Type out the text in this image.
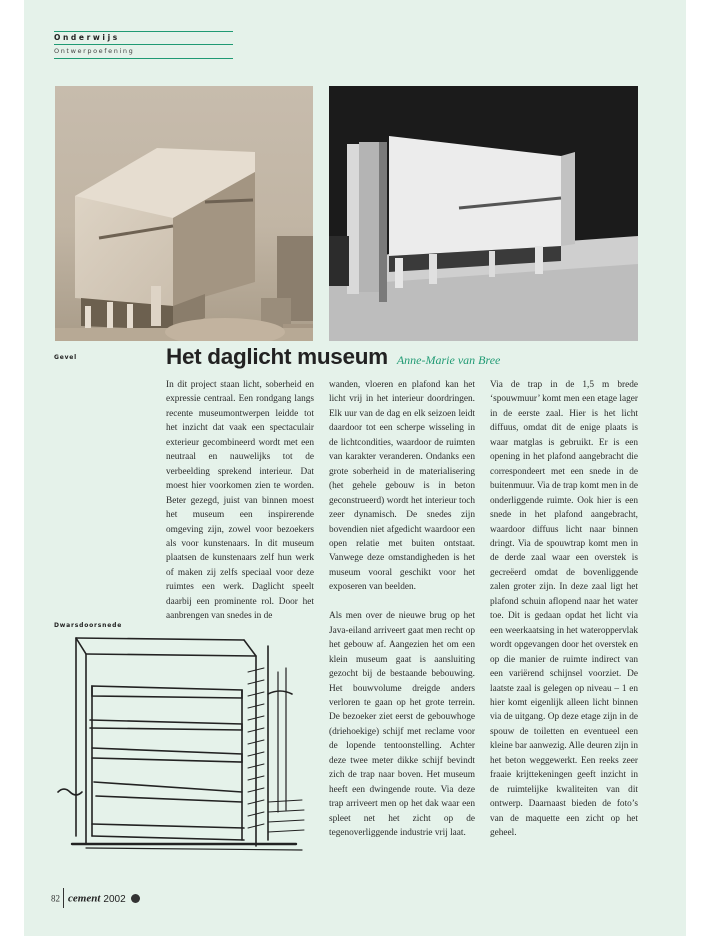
Onderwijs
Ontwerpoefening
Gevel	Het daglicht museum Anne-Marie van Bree

In dit project staan licht, soberheid en expressie centraal. Een rondgang langs recente museumontwerpen leidde tot het inzicht dat vaak een spectaculair exterieur gecombineerd wordt met een neutraal en nauwelijks tot de verbeelding sprekend interieur. Dat moest hier voorkomen zien te worden. Beter gezegd, juist van binnen moest het museum een inspirerende omgeving zijn, zowel voor bezoekers als voor kunstenaars. In dit museum plaatsen de kunstenaars zelf hun werk of maken zij zelfs speciaal voor deze ruimtes een werk. Daglicht speelt daarbij een prominente rol. Door het aanbrengen van snedes in de

wanden, vloeren en plafond kan het licht vrij in het interieur doordringen. Elk uur van de dag en elk seizoen leidt daardoor tot een scherpe wisseling in de lichtcondities, waardoor de ruimten van karakter veranderen. Ondanks een grote soberheid in de materialisering (het gehele gebouw is in beton geconstrueerd) wordt het interieur toch zeer dynamisch. De snedes zijn bovendien niet afgedicht waardoor een open relatie met buiten ontstaat. Vanwege deze omstandigheden is het museum vooral geschikt voor het exposeren van beelden.

Als men over de nieuwe brug op het Java-eiland arriveert gaat men recht op het gebouw af. Aangezien het om een klein museum gaat is aansluiting gezocht bij de bestaande bebouwing. Het bouwvolume dreigde anders verloren te gaan op het grote terrein. De bezoeker ziet eerst de gebouwhoge (driehoekige) schijf met reclame voor de lopende tentoonstelling. Achter deze twee meter dikke schijf bevindt zich de trap naar boven. Het museum heeft een dwingende route. Via deze trap arriveert men op het dak waar een spleet net het zicht op de tegenoverliggende industrie vrij laat.

Via de trap in de 1,5 m brede ‘spouwmuur’ komt men een etage lager in de eerste zaal. Hier is het licht diffuus, omdat dit de enige plaats is waar matglas is gebruikt. Er is een opening in het plafond aangebracht die correspondeert met een snede in de buitenmuur. Via de trap komt men in de onderliggende ruimte. Ook hier is een snede in het plafond aangebracht, waardoor diffuus licht naar binnen dringt. Via de spouwtrap komt men in de derde zaal waar een overstek is gecreëerd omdat de bovenliggende zalen groter zijn. In deze zaal ligt het plafond schuin aflopend naar het water toe. Dit is gedaan opdat het licht via een weerkaatsing in het wateroppervlak wordt opgevangen door het overstek en op die manier de ruimte indirect van een variërend schijnsel voorziet. De laatste zaal is gelegen op niveau – 1 en hier komt eigenlijk alleen licht binnen via de uitgang. Op deze etage zijn in de spouw de toiletten en eventueel een kleine bar aanwezig. Alle deuren zijn in het beton weggewerkt. Een reeks zeer fraaie krijttekeningen geeft inzicht in de ruimtelijke kwaliteiten van dit ontwerp. Daarnaast bieden de foto’s van de maquette een zicht op het geheel.

Dwarsdoorsnede
82 cement 2002
